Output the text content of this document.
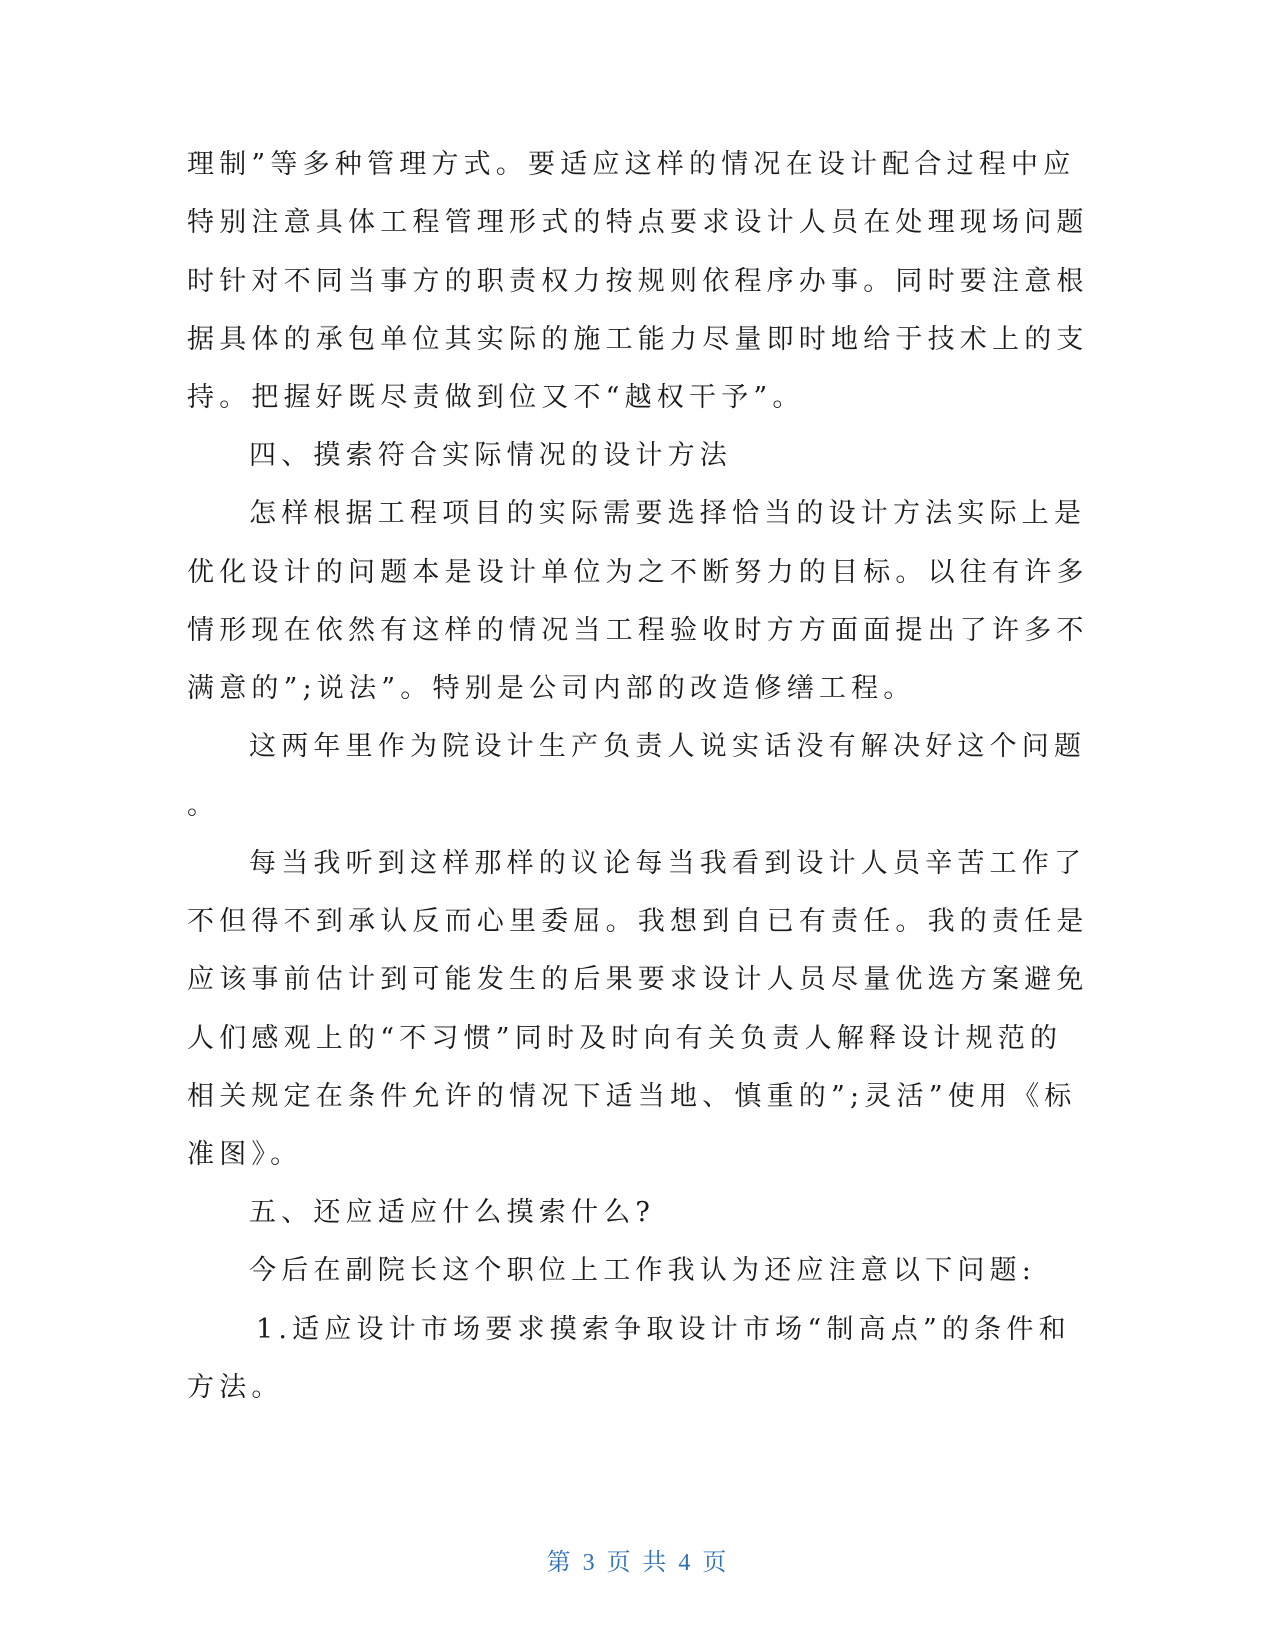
理制”等多种管理方式。要适应这样的情况在设计配合过程中应
特别注意具体工程管理形式的特点要求设计人员在处理现场问题
时针对不同当事方的职责权力按规则依程序办事。同时要注意根
据具体的承包单位其实际的施工能力尽量即时地给于技术上的支
持。把握好既尽责做到位又不“越权干予”。
四、摸索符合实际情况的设计方法
怎样根据工程项目的实际需要选择恰当的设计方法实际上是
优化设计的问题本是设计单位为之不断努力的目标。以往有许多
情形现在依然有这样的情况当工程验收时方方面面提出了许多不
满意的”;说法”。特别是公司内部的改造修缮工程。
这两年里作为院设计生产负责人说实话没有解决好这个问题
。
每当我听到这样那样的议论每当我看到设计人员辛苦工作了
不但得不到承认反而心里委屈。我想到自已有责任。我的责任是
应该事前估计到可能发生的后果要求设计人员尽量优选方案避免
人们感观上的“不习惯”同时及时向有关负责人解释设计规范的
相关规定在条件允许的情况下适当地、慎重的”;灵活”使用《标
准图》。
五、还应适应什么摸索什么?
今后在副院长这个职位上工作我认为还应注意以下问题:
1.适应设计市场要求摸索争取设计市场“制高点”的条件和
方法。
第 3 页 共 4 页
